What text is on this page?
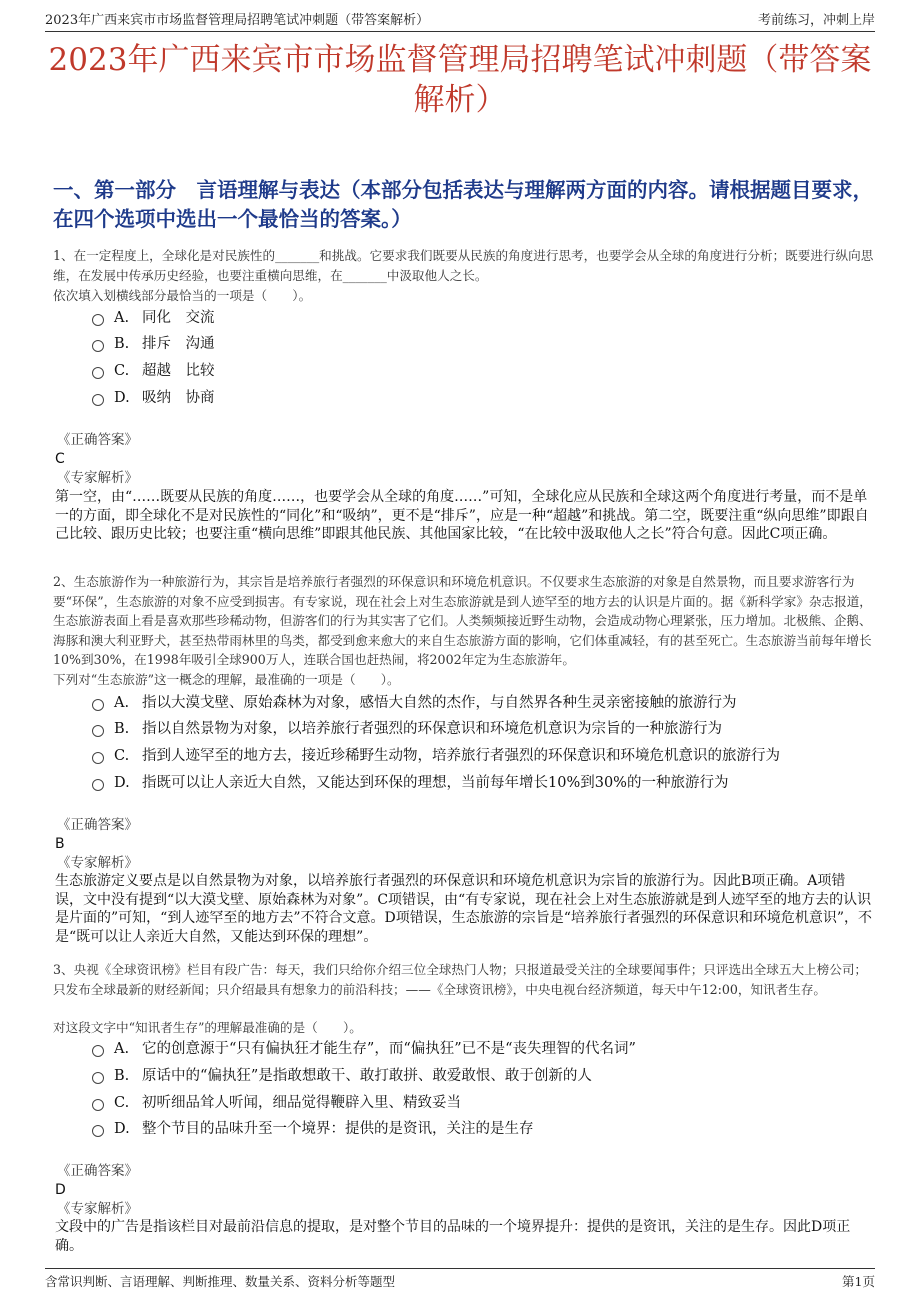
2023年广西来宾市市场监督管理局招聘笔试冲刺题（带答案解析）	考前练习，冲刺上岸
2023年广西来宾市市场监督管理局招聘笔试冲刺题（带答案解析）
一、第一部分　言语理解与表达（本部分包括表达与理解两方面的内容。请根据题目要求，在四个选项中选出一个最恰当的答案。）
1、在一定程度上，全球化是对民族性的_______和挑战。它要求我们既要从民族的角度进行思考，也要学会从全球的角度进行分析；既要进行纵向思维，在发展中传承历史经验，也要注重横向思维，在_______中汲取他人之长。
依次填入划横线部分最恰当的一项是（　　）。
A. 同化　交流
B. 排斥　沟通
C. 超越　比较
D. 吸纳　协商
《正确答案》
C
《专家解析》
第一空，由“……既要从民族的角度……，也要学会从全球的角度……”可知，全球化应从民族和全球这两个角度进行考量，而不是单一的方面，即全球化不是对民族性的“同化”和“吸纳”，更不是“排斥”，应是一种“超越”和挑战。第二空，既要注重“纵向思维”即跟自己比较、跟历史比较；也要注重“横向思维”即跟其他民族、其他国家比较，“在比较中汲取他人之长”符合句意。因此C项正确。
2、生态旅游作为一种旅游行为，其宗旨是培养旅行者强烈的环保意识和环境危机意识。不仅要求生态旅游的对象是自然景物，而且要求游客行为要“环保”，生态旅游的对象不应受到损害。有专家说，现在社会上对生态旅游就是到人迹罕至的地方去的认识是片面的。据《新科学家》杂志报道，生态旅游表面上看是喜欢那些珍稀动物，但游客们的行为其实害了它们。人类频频接近野生动物，会造成动物心理紧张，压力增加。北极熊、企鹅、海豚和澳大利亚野犬，甚至热带雨林里的鸟类，都受到愈来愈大的来自生态旅游方面的影响，它们体重减轻，有的甚至死亡。生态旅游当前每年增长10%到30%，在1998年吸引全球900万人，连联合国也赶热闹，将2002年定为生态旅游年。
下列对“生态旅游”这一概念的理解，最准确的一项是（　　）。
A. 指以大漠戈壁、原始森林为对象，感悟大自然的杰作，与自然界各种生灵亲密接触的旅游行为
B. 指以自然景物为对象，以培养旅行者强烈的环保意识和环境危机意识为宗旨的一种旅游行为
C. 指到人迹罕至的地方去，接近珍稀野生动物，培养旅行者强烈的环保意识和环境危机意识的旅游行为
D. 指既可以让人亲近大自然，又能达到环保的理想，当前每年增长10%到30%的一种旅游行为
《正确答案》
B
《专家解析》
生态旅游定义要点是以自然景物为对象，以培养旅行者强烈的环保意识和环境危机意识为宗旨的旅游行为。因此B项正确。A项错误，文中没有提到“以大漠戈壁、原始森林为对象”。C项错误，由“有专家说，现在社会上对生态旅游就是到人迹罕至的地方去的认识是片面的”可知，“到人迹罕至的地方去”不符合文意。D项错误，生态旅游的宗旨是“培养旅行者强烈的环保意识和环境危机意识”，不是“既可以让人亲近大自然，又能达到环保的理想”。
3、央视《全球资讯榜》栏目有段广告：每天，我们只给你介绍三位全球热门人物；只报道最受关注的全球要闻事件；只评选出全球五大上榜公司；只发布全球最新的财经新闻；只介绍最具有想象力的前沿科技；——《全球资讯榜》，中央电视台经济频道，每天中午12:00，知讯者生存。
对这段文字中“知讯者生存”的理解最准确的是（　　）。
A. 它的创意源于“只有偏执狂才能生存”，而“偏执狂”已不是“丧失理智的代名词”
B. 原话中的“偏执狂”是指敢想敢干、敢打敢拼、敢爱敢恨、敢于创新的人
C. 初听细品耸人听闻，细品觉得鞭辟入里、精致妥当
D. 整个节目的品味升至一个境界：提供的是资讯，关注的是生存
《正确答案》
D
《专家解析》
文段中的广告是指该栏目对最前沿信息的提取，是对整个节目的品味的一个境界提升：提供的是资讯，关注的是生存。因此D项正确。
含常识判断、言语理解、判断推理、数量关系、资料分析等题型	第1页
